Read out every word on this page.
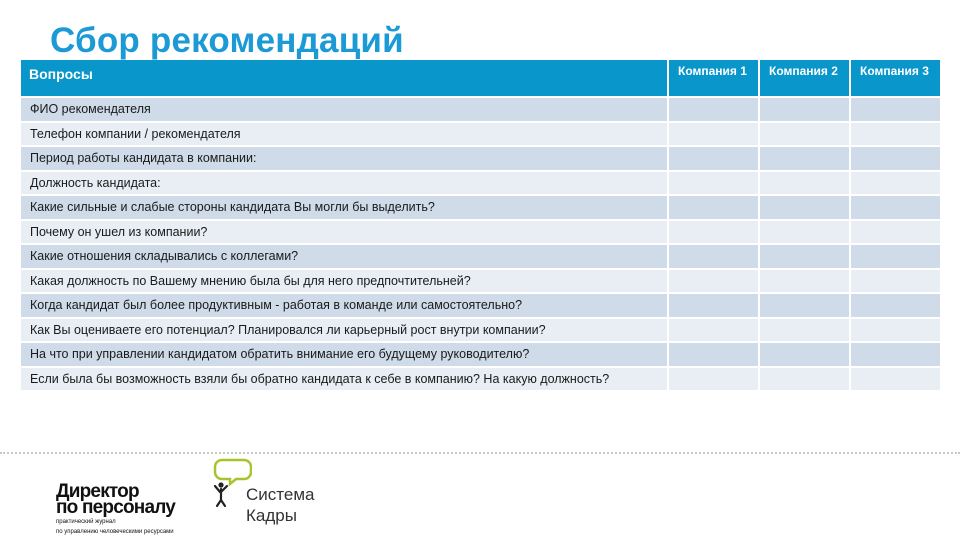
Сбор рекомендаций
Вопросы	Компания 1	Компания 2	Компания 3
ФИО рекомендателя			
Телефон компании / рекомендателя			
Период работы кандидата в компании:			
Должность кандидата:			
Какие сильные и слабые стороны кандидата Вы могли бы выделить?			
Почему он ушел из компании?			
Какие отношения складывались с коллегами?			
Какая должность по Вашему мнению была бы для него предпочтительней?			
Когда кандидат был более продуктивным - работая в команде или самостоятельно?			
Как Вы оцениваете его потенциал? Планировался ли карьерный рост внутри компании?			
На что при управлении кандидатом обратить внимание его будущему руководителю?			
Если была бы возможность взяли бы обратно кандидата к себе в компанию? На какую должность?			
Директор
по персоналу
практический журнал
по управлению человеческими ресурсами
Система
Кадры
